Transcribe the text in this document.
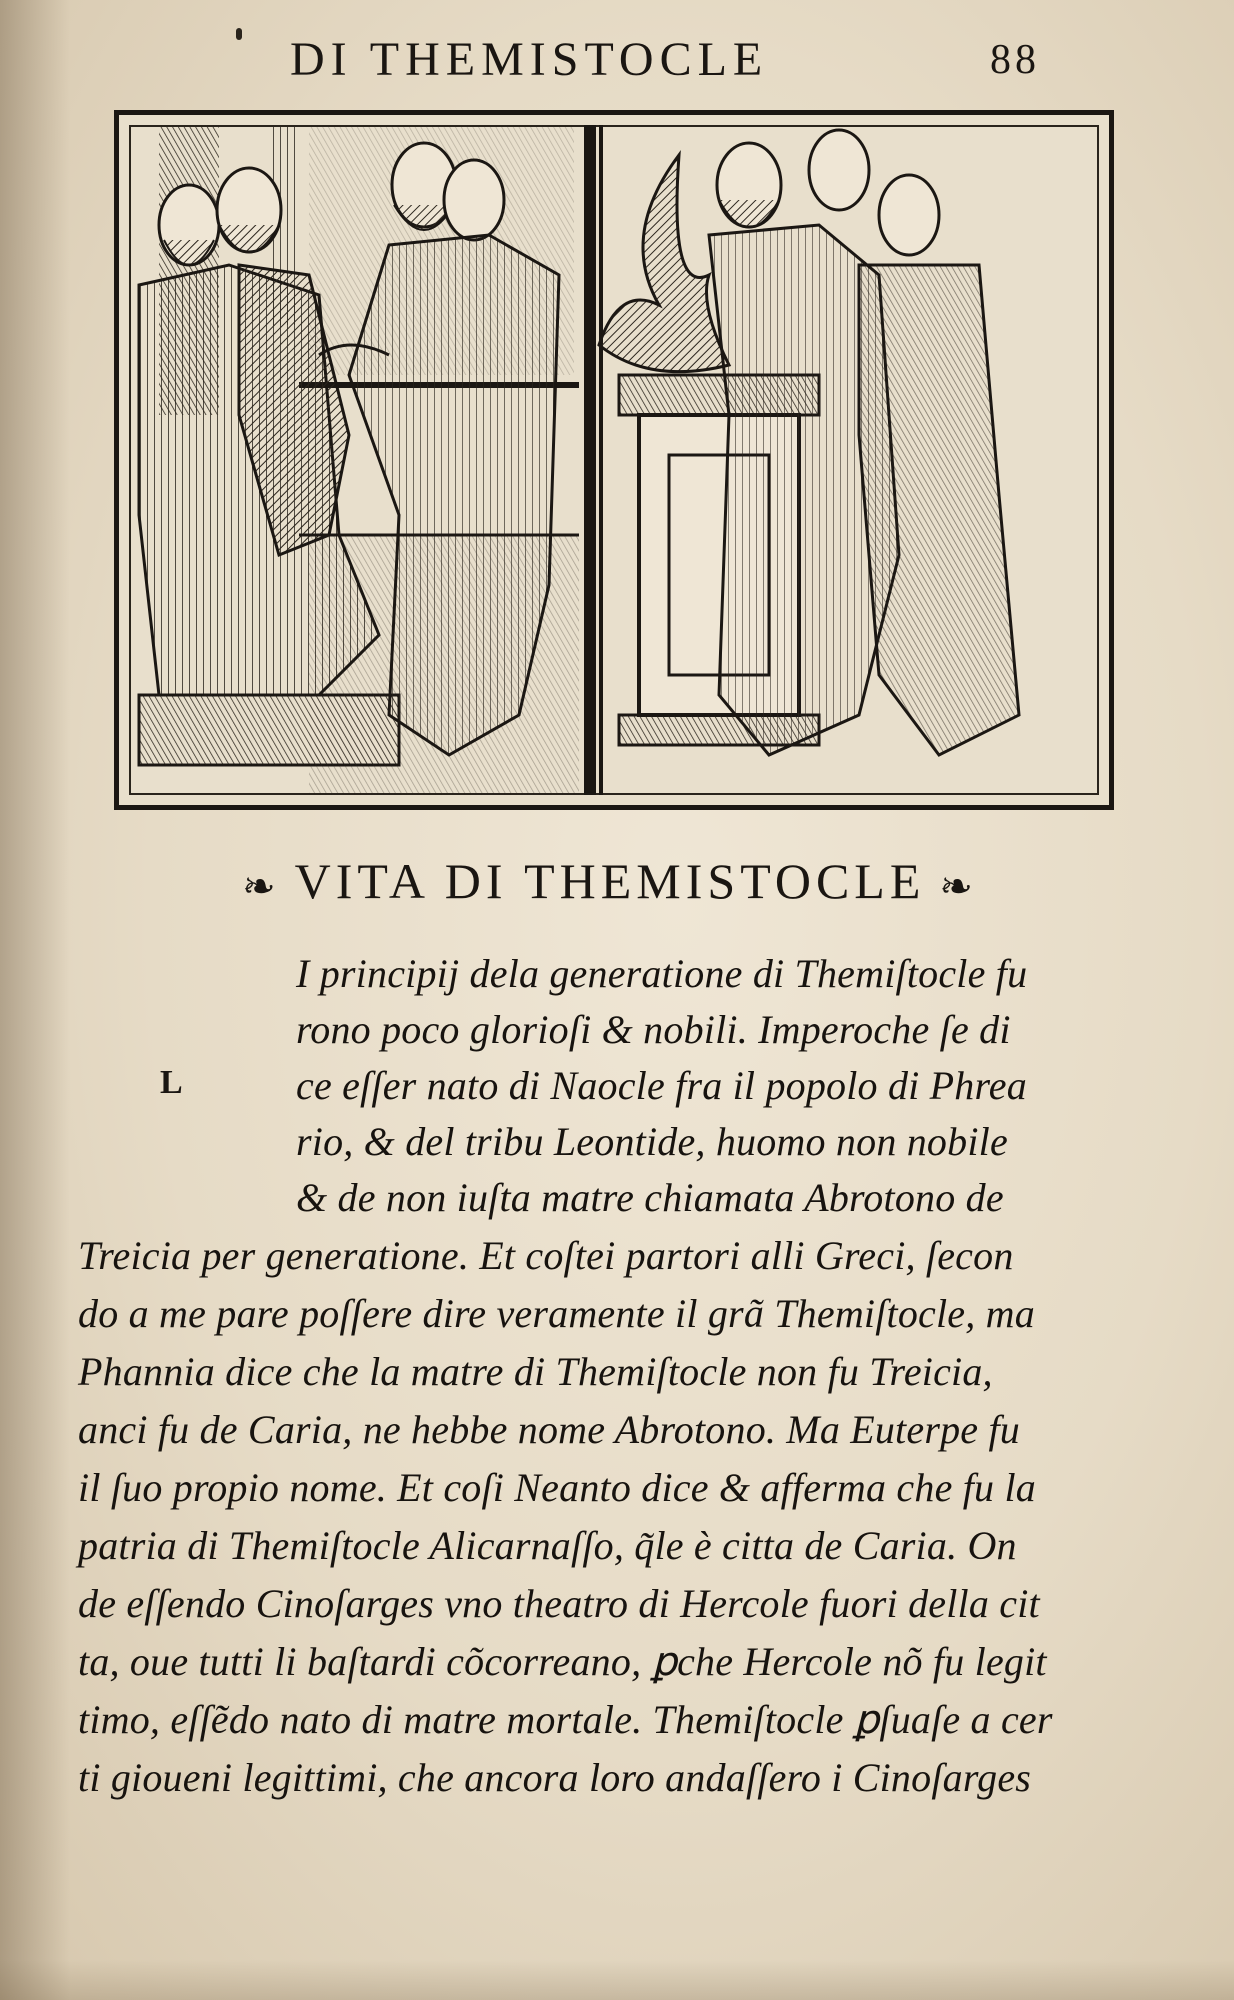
DI THEMISTOCLE	88
❧ VITA DI THEMISTOCLE ❧
L
I principij dela generatione di Themiſtocle fu
rono poco glorioſi & nobili. Imperoche ſe di
ce eſſer nato di Naocle fra il popolo di Phrea
rio, & del tribu Leontide, huomo non nobile
& de non iuſta matre chiamata Abrotono de
Treicia per generatione. Et coſtei partori alli Greci, ſecon
do a me pare poſſere dire veramente il grã Themiſtocle, ma
Phannia dice che la matre di Themiſtocle non fu Treicia,
anci fu de Caria, ne hebbe nome Abrotono. Ma Euterpe fu
il ſuo propio nome. Et coſi Neanto dice & afferma che fu la
patria di Themiſtocle Alicarnaſſo, q̃le è citta de Caria. On
de eſſendo Cinoſarges vno theatro di Hercole fuori della cit
ta, oue tutti li baſtardi cõcorreano, ꝑche Hercole nõ fu legit
timo, eſſẽdo nato di matre mortale. Themiſtocle ꝑſuaſe a cer
ti gioueni legittimi, che ancora loro andaſſero i Cinoſarges
